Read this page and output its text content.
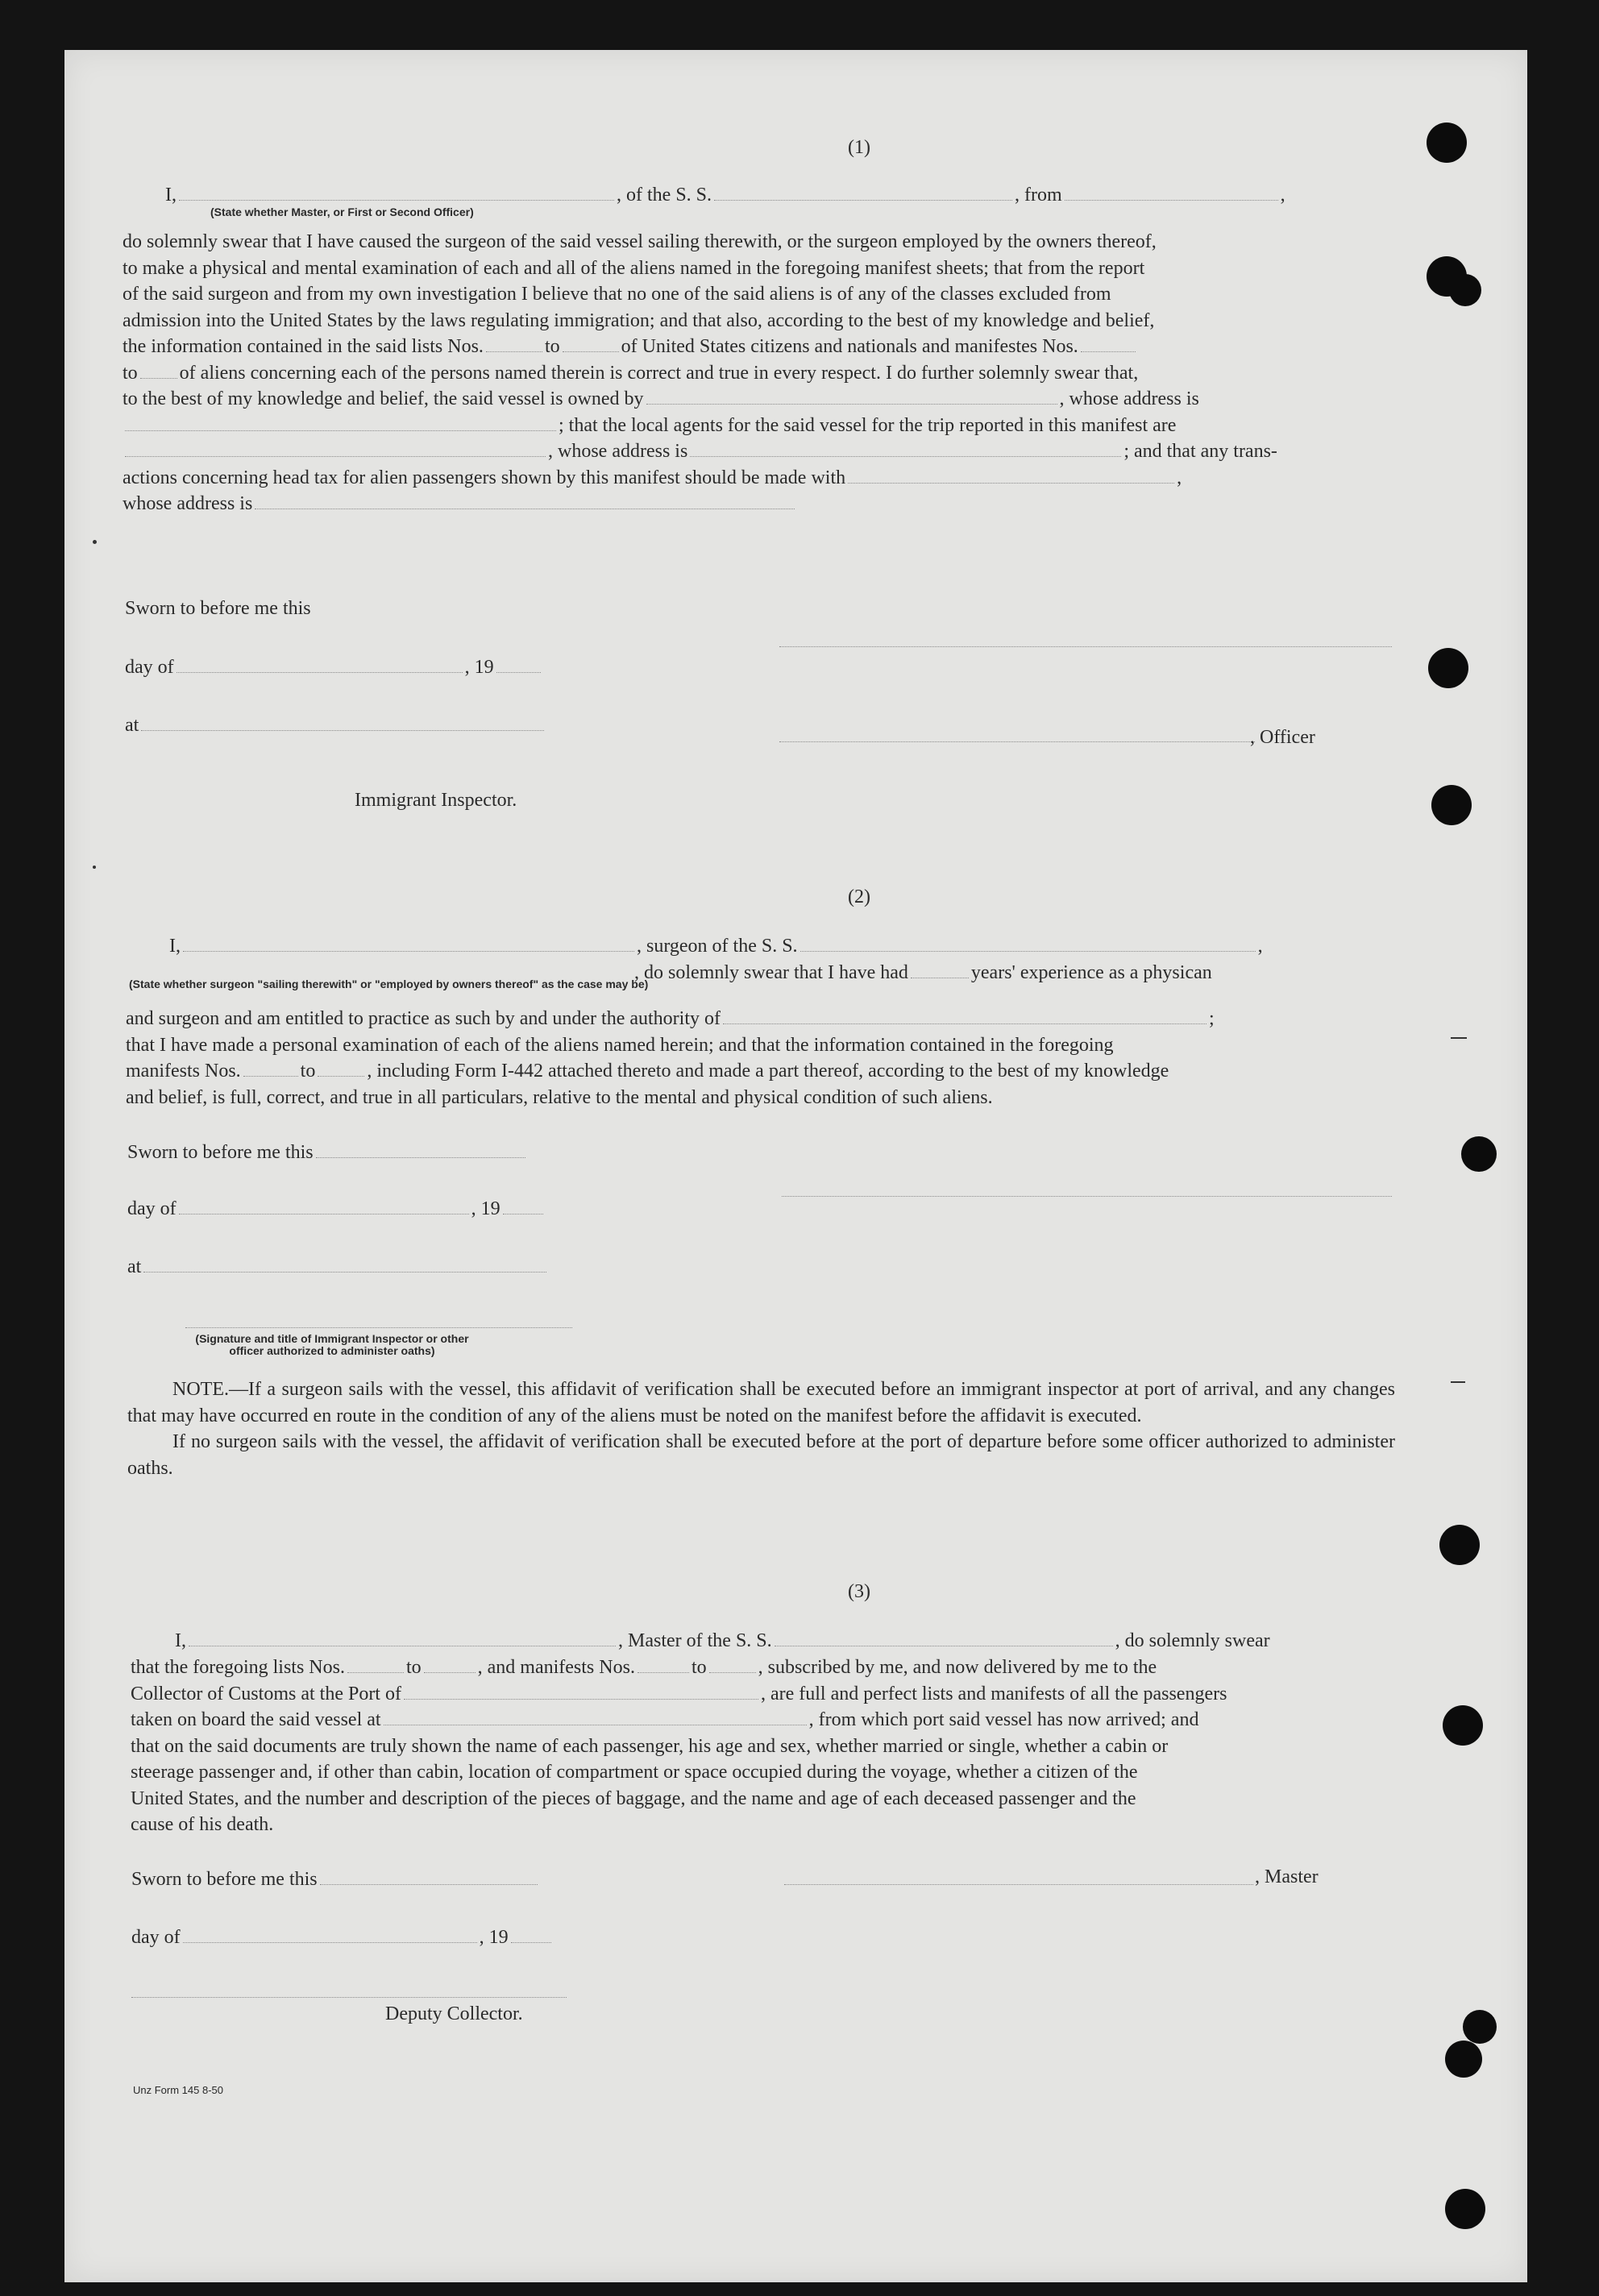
(1)
I,	, of the S. S.	, from	,
(State whether Master, or First or Second Officer)

do solemnly swear that I have caused the surgeon of the said vessel sailing therewith, or the surgeon employed by the owners thereof,

to make a physical and mental examination of each and all of the aliens named in the foregoing manifest sheets; that from the report

of the said surgeon and from my own investigation I believe that no one of the said aliens is of any of the classes excluded from

admission into the United States by the laws regulating immigration; and that also, according to the best of my knowledge and belief,

the information contained in the said lists Nos.	to	of United States citizens and nationals and manifestes Nos.

to of aliens concerning each of the persons named therein is correct and true in every respect. I do further solemnly swear that,

to the best of my knowledge and belief, the said vessel is owned by	, whose address is

; that the local agents for the said vessel for the trip reported in this manifest are

, whose address is	; and that any trans-

actions concerning head tax for alien passengers shown by this manifest should be made with	,

whose address is

Sworn to before me this
day of	, 19
at
, Officer
Immigrant Inspector.
(2)
I,	, surgeon of the S. S.	,
, do solemnly swear that I have had	years' experience as a physican
(State whether surgeon "sailing therewith" or "employed by owners thereof" as the case may be)

and surgeon and am entitled to practice as such by and under the authority of	;

that I have made a personal examination of each of the aliens named herein; and that the information contained in the foregoing

manifests Nos.	to	, including Form I-442 attached thereto and made a part thereof, according to the best of my knowledge

and belief, is full, correct, and true in all particulars, relative to the mental and physical condition of such aliens.

Sworn to before me this
day of	, 19
at
(Signature and title of Immigrant Inspector or other
officer authorized to administer oaths)

NOTE.—If a surgeon sails with the vessel, this affidavit of verification shall be executed before an immigrant inspector at port of arrival, and any changes that may have occurred en route in the condition of any of the aliens must be noted on the manifest before the affidavit is executed.

If no surgeon sails with the vessel, the affidavit of verification shall be executed before at the port of departure before some officer authorized to administer oaths.

(3)
I,	, Master of the S. S.	, do solemnly swear

that the foregoing lists Nos.	to	, and manifests Nos.	to	, subscribed by me, and now delivered by me to the

Collector of Customs at the Port of	, are full and perfect lists and manifests of all the passengers

taken on board the said vessel at	, from which port said vessel has now arrived; and

that on the said documents are truly shown the name of each passenger, his age and sex, whether married or single, whether a cabin or

steerage passenger and, if other than cabin, location of compartment or space occupied during the voyage, whether a citizen of the

United States, and the number and description of the pieces of baggage, and the name and age of each deceased passenger and the

cause of his death.

Sworn to before me this	, Master
day of	, 19
Deputy Collector.
Unz Form 145 8-50
